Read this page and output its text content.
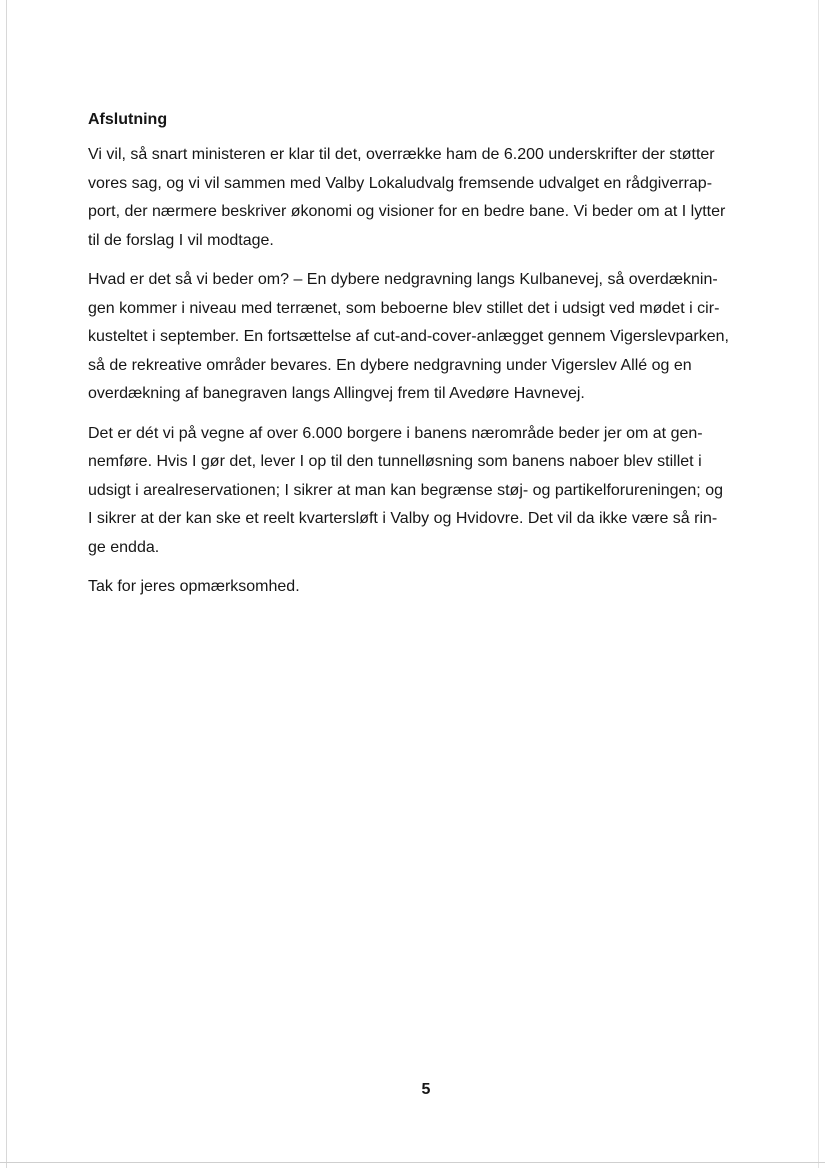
Afslutning
Vi vil, så snart ministeren er klar til det, overrække ham de 6.200 underskrifter der støtter
vores sag, og vi vil sammen med Valby Lokaludvalg fremsende udvalget en rådgiverrap-
port, der nærmere beskriver økonomi og visioner for en bedre bane. Vi beder om at I lytter
til de forslag I vil modtage.
Hvad er det så vi beder om? – En dybere nedgravning langs Kulbanevej, så overdæknin-
gen kommer i niveau med terrænet, som beboerne blev stillet det i udsigt ved mødet i cir-
kusteltet i september. En fortsættelse af cut-and-cover-anlægget gennem Vigerslevparken,
så de rekreative områder bevares. En dybere nedgravning under Vigerslev Allé og en
overdækning af banegraven langs Allingvej frem til Avedøre Havnevej.
Det er dét vi på vegne af over 6.000 borgere i banens nærområde beder jer om at gen-
nemføre. Hvis I gør det, lever I op til den tunnelløsning som banens naboer blev stillet i
udsigt i arealreservationen; I sikrer at man kan begrænse støj- og partikelforureningen; og
I sikrer at der kan ske et reelt kvartersløft i Valby og Hvidovre. Det vil da ikke være så rin-
ge endda.
Tak for jeres opmærksomhed.
5
